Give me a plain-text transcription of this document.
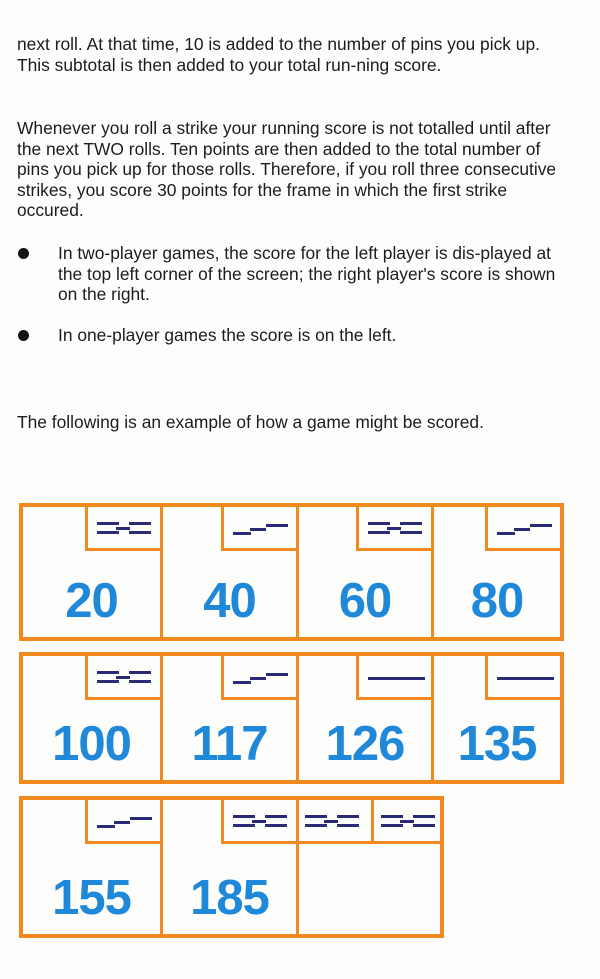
next roll. At that time, 10 is added to the number of pins you pick up. This subtotal is then added to your total run-ning score.

Whenever you roll a strike your running score is not totalled until after the next TWO rolls. Ten points are then added to the total number of pins you pick up for those rolls. Therefore, if you roll three consecutive strikes, you score 30 points for the frame in which the first strike occured.

In two-player games, the score for the left player is dis-played at the top left corner of the screen; the right player's score is shown on the right.

In one-player games the score is on the left.

The following is an example of how a game might be scored.

20	40	60	80
100	117	126	135
155	185
